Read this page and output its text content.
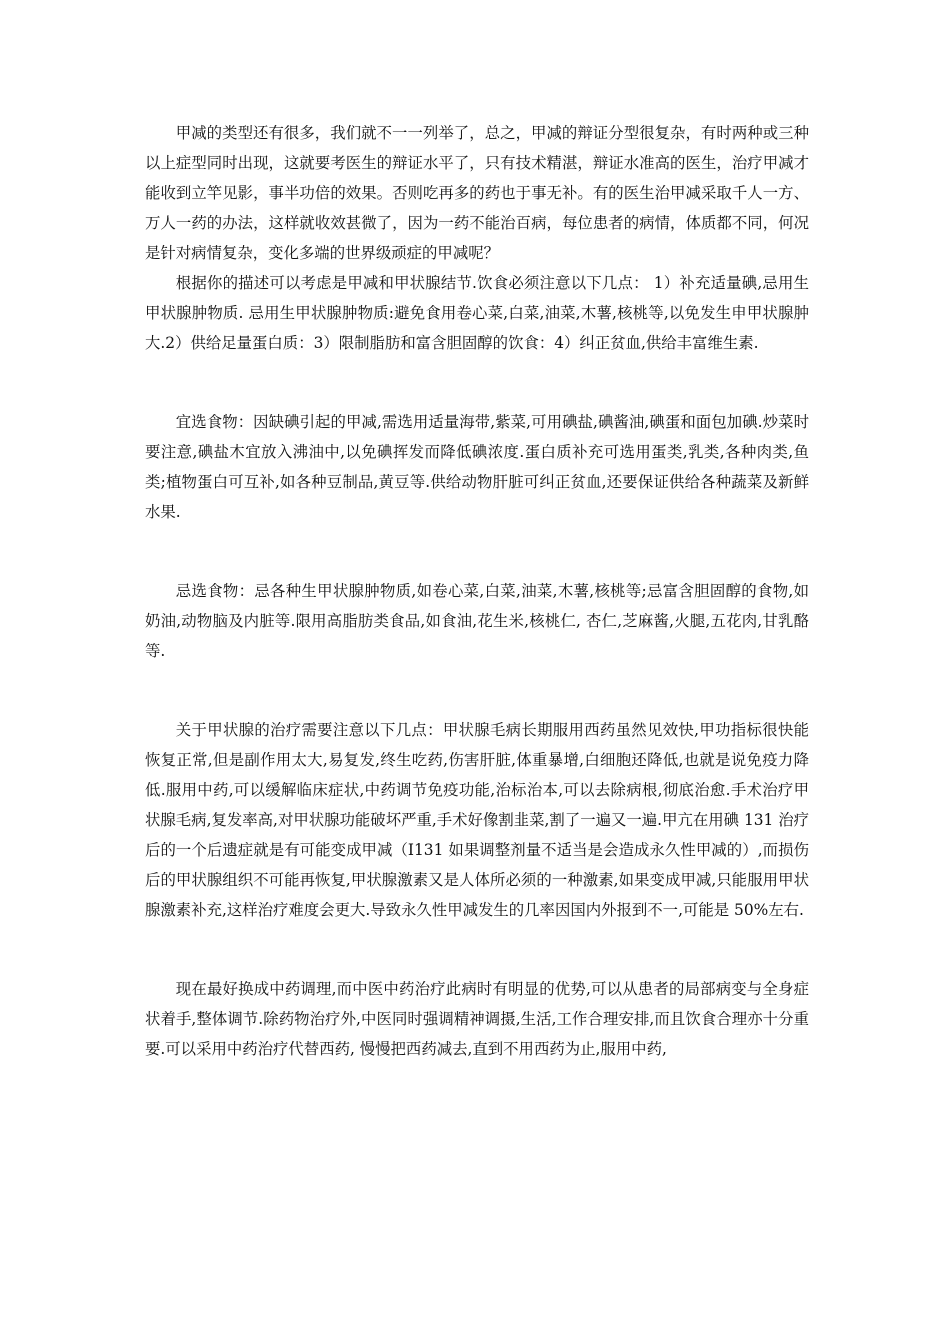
甲减的类型还有很多，我们就不一一列举了，总之，甲减的辩证分型很复杂，有时两种或三种以上症型同时出现，这就要考医生的辩证水平了，只有技术精湛，辩证水准高的医生，治疗甲减才能收到立竿见影，事半功倍的效果。否则吃再多的药也于事无补。有的医生治甲减采取千人一方、万人一药的办法，这样就收效甚微了，因为一药不能治百病，每位患者的病情，体质都不同，何况是针对病情复杂，变化多端的世界级顽症的甲减呢？

根据你的描述可以考虑是甲减和甲状腺结节.饮食必须注意以下几点： 1）补充适量碘,忌用生甲状腺肿物质. 忌用生甲状腺肿物质:避免食用卷心菜,白菜,油菜,木薯,核桃等,以免发生申甲状腺肿大.2）供给足量蛋白质：3）限制脂肪和富含胆固醇的饮食：4）纠正贫血,供给丰富维生素.

宜选食物：因缺碘引起的甲减,需选用适量海带,紫菜,可用碘盐,碘酱油,碘蛋和面包加碘.炒菜时要注意,碘盐木宜放入沸油中,以免碘挥发而降低碘浓度.蛋白质补充可选用蛋类,乳类,各种肉类,鱼类;植物蛋白可互补,如各种豆制品,黄豆等.供给动物肝脏可纠正贫血,还要保证供给各种蔬菜及新鲜水果.

忌选食物：忌各种生甲状腺肿物质,如卷心菜,白菜,油菜,木薯,核桃等;忌富含胆固醇的食物,如奶油,动物脑及内脏等.限用高脂肪类食品,如食油,花生米,核桃仁, 杏仁,芝麻酱,火腿,五花肉,甘乳酪等.

关于甲状腺的治疗需要注意以下几点：甲状腺毛病长期服用西药虽然见效快,甲功指标很快能恢复正常,但是副作用太大,易复发,终生吃药,伤害肝脏,体重暴增,白细胞还降低,也就是说免疫力降低.服用中药,可以缓解临床症状,中药调节免疫功能,治标治本,可以去除病根,彻底治愈.手术治疗甲状腺毛病,复发率高,对甲状腺功能破坏严重,手术好像割韭菜,割了一遍又一遍.甲亢在用碘 131 治疗后的一个后遗症就是有可能变成甲减（I131 如果调整剂量不适当是会造成永久性甲减的）,而损伤后的甲状腺组织不可能再恢复,甲状腺激素又是人体所必须的一种激素,如果变成甲减,只能服用甲状腺激素补充,这样治疗难度会更大.导致永久性甲减发生的几率因国内外报到不一,可能是 50%左右.

现在最好换成中药调理,而中医中药治疗此病时有明显的优势,可以从患者的局部病变与全身症状着手,整体调节.除药物治疗外,中医同时强调精神调摄,生活,工作合理安排,而且饮食合理亦十分重要.可以采用中药治疗代替西药, 慢慢把西药减去,直到不用西药为止,服用中药,
